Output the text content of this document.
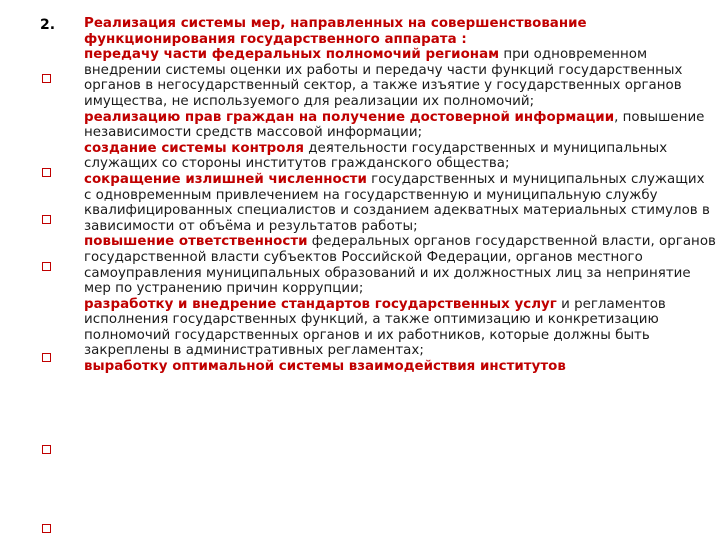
2. Реализация системы мер, направленных на совершенствование функционирования государственного аппарата :
передачу части федеральных полномочий регионам при одновременном внедрении системы оценки их работы и передачу части функций государственных органов в негосударственный сектор, а также изъятие у государственных органов имущества, не используемого для реализации их полномочий;
реализацию прав граждан на получение достоверной информации, повышение независимости средств массовой информации;
создание системы контроля деятельности государственных и муниципальных служащих со стороны институтов гражданского общества;
сокращение излишней численности государственных и муниципальных служащих с одновременным привлечением на государственную и муниципальную службу квалифицированных специалистов и созданием адекватных материальных стимулов в зависимости от объёма и результатов работы;
повышение ответственности федеральных органов государственной власти, органов государственной власти субъектов Российской Федерации, органов местного самоуправления муниципальных образований и их должностных лиц за непринятие мер по устранению причин коррупции;
разработку и внедрение стандартов государственных услуг и регламентов исполнения государственных функций, а также оптимизацию и конкретизацию полномочий государственных органов и их работников, которые должны быть закреплены в административных регламентах;
выработку оптимальной системы взаимодействия институтов
